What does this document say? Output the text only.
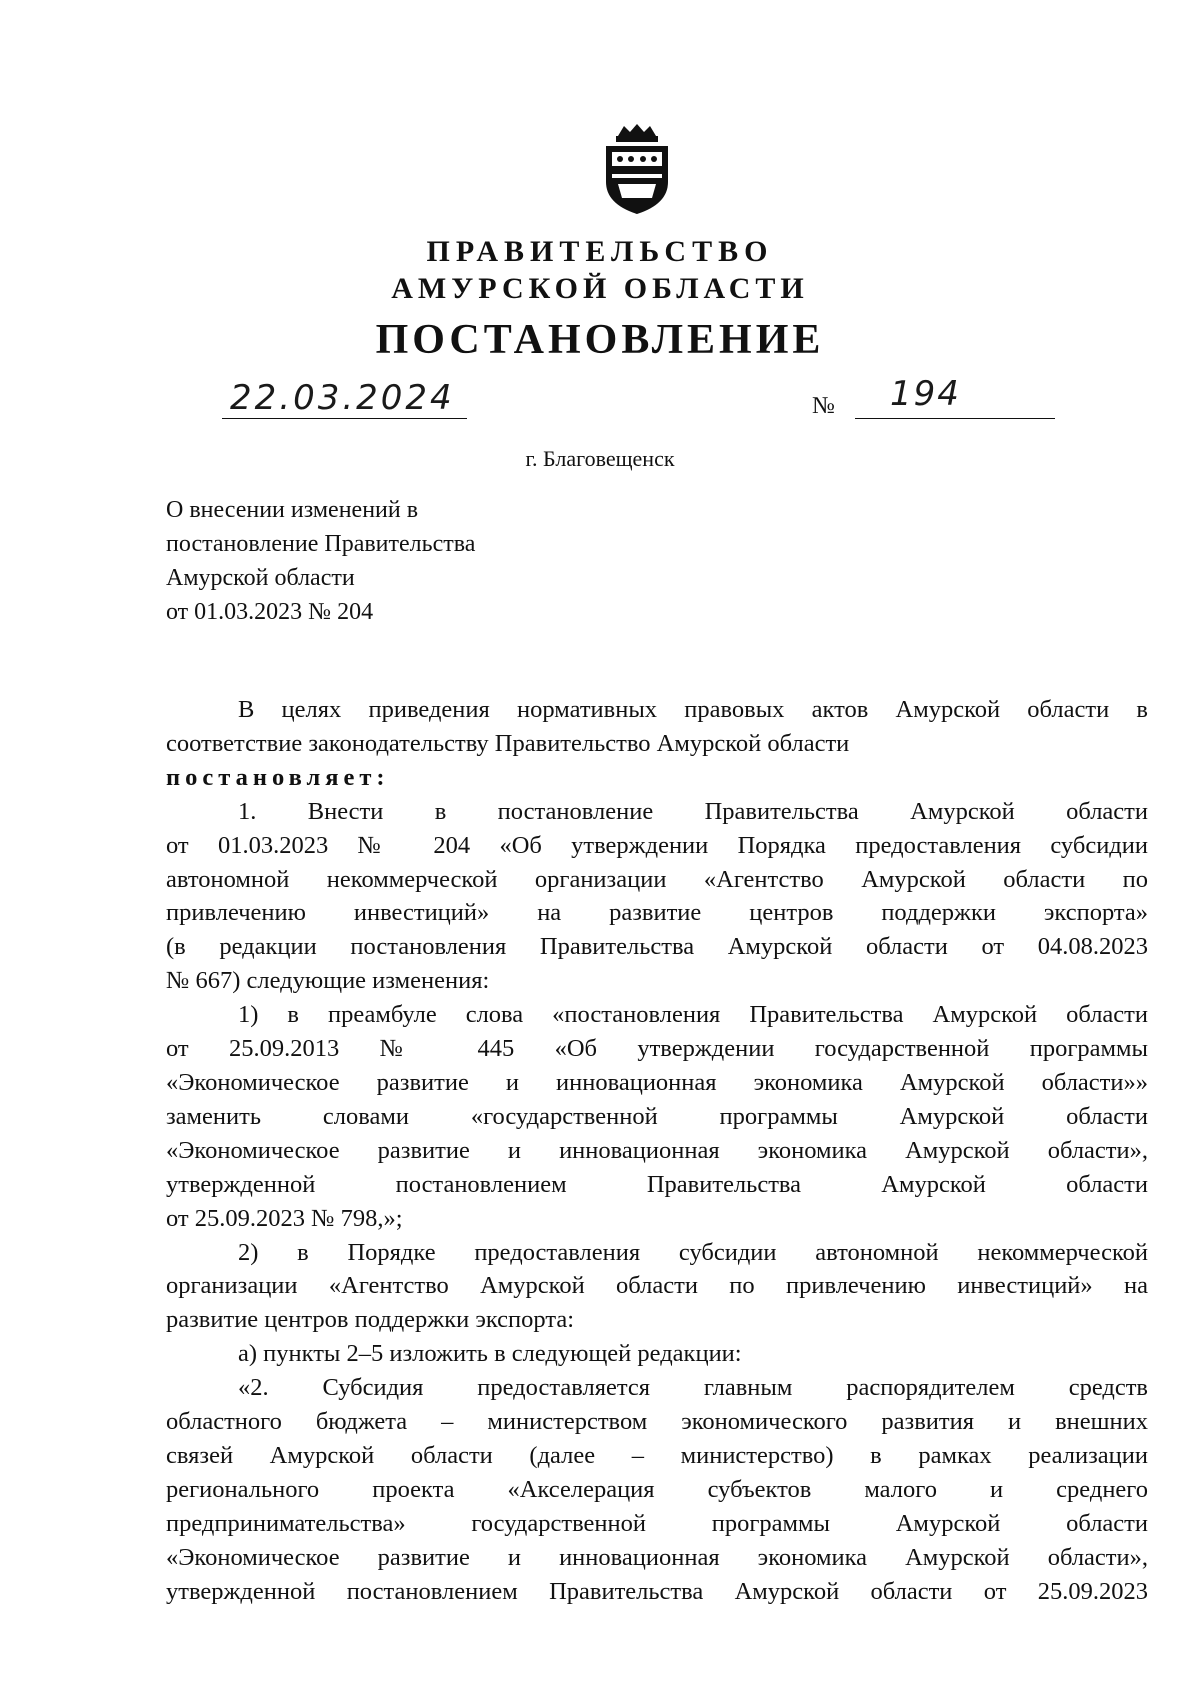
ПРАВИТЕЛЬСТВО
АМУРСКОЙ ОБЛАСТИ
ПОСТАНОВЛЕНИЕ
22.03.2024	№ 194
г. Благовещенск
О внесении изменений в
постановление Правительства
Амурской области
от 01.03.2023 № 204
В целях приведения нормативных правовых актов Амурской области в
соответствие законодательству Правительство Амурской области
постановляет:
1. Внести в постановление Правительства Амурской области
от 01.03.2023 № 204 «Об утверждении Порядка предоставления субсидии
автономной некоммерческой организации «Агентство Амурской области по
привлечению инвестиций» на развитие центров поддержки экспорта»
(в редакции постановления Правительства Амурской области от 04.08.2023
№ 667) следующие изменения:
1) в преамбуле слова «постановления Правительства Амурской области
от 25.09.2013 № 445 «Об утверждении государственной программы
«Экономическое развитие и инновационная экономика Амурской области»»
заменить словами «государственной программы Амурской области
«Экономическое развитие и инновационная экономика Амурской области»,
утвержденной постановлением Правительства Амурской области
от 25.09.2023 № 798,»;
2) в Порядке предоставления субсидии автономной некоммерческой
организации «Агентство Амурской области по привлечению инвестиций» на
развитие центров поддержки экспорта:
а) пункты 2–5 изложить в следующей редакции:
«2. Субсидия предоставляется главным распорядителем средств
областного бюджета – министерством экономического развития и внешних
связей Амурской области (далее – министерство) в рамках реализации
регионального проекта «Акселерация субъектов малого и среднего
предпринимательства» государственной программы Амурской области
«Экономическое развитие и инновационная экономика Амурской области»,
утвержденной постановлением Правительства Амурской области от 25.09.2023
